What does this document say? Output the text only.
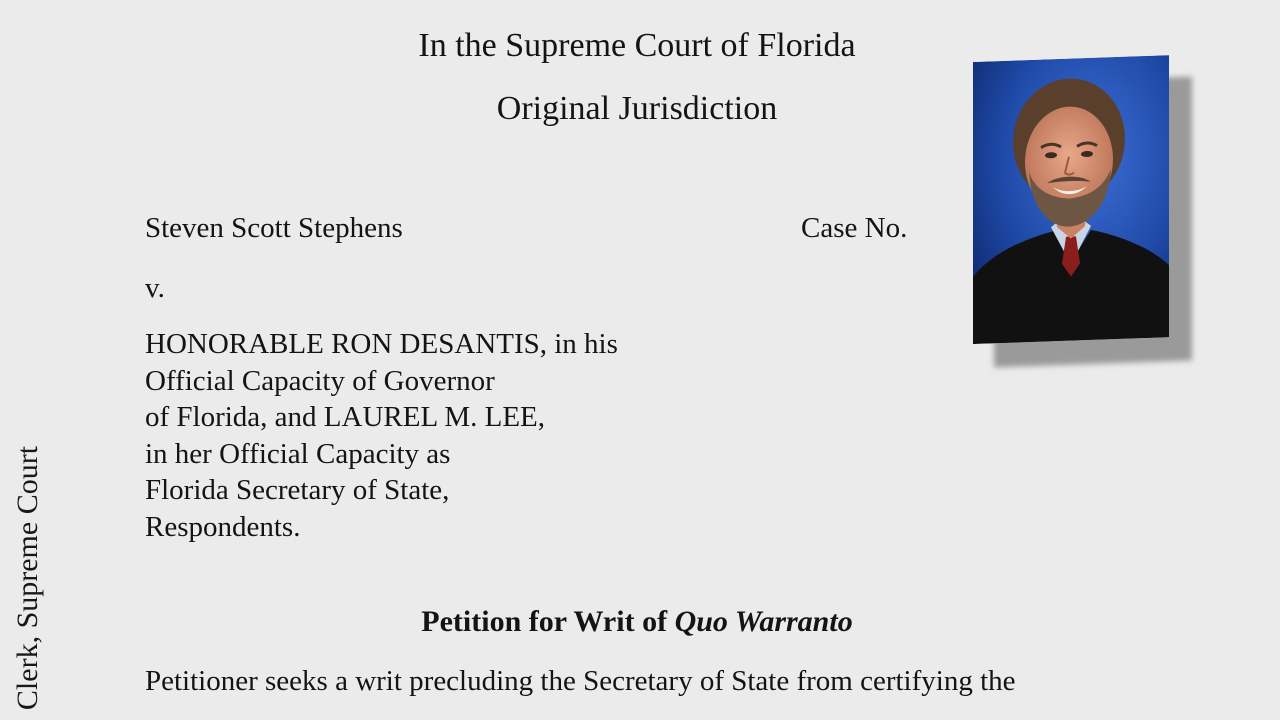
Clerk, Supreme Court
In the Supreme Court of Florida
Original Jurisdiction
Steven Scott Stephens	Case No.
v.
HONORABLE RON DESANTIS, in his
Official Capacity of Governor
of Florida, and LAUREL M. LEE,
in her Official Capacity as
Florida Secretary of State,
Respondents.
Petition for Writ of Quo Warranto
Petitioner seeks a writ precluding the Secretary of State from certifying the
